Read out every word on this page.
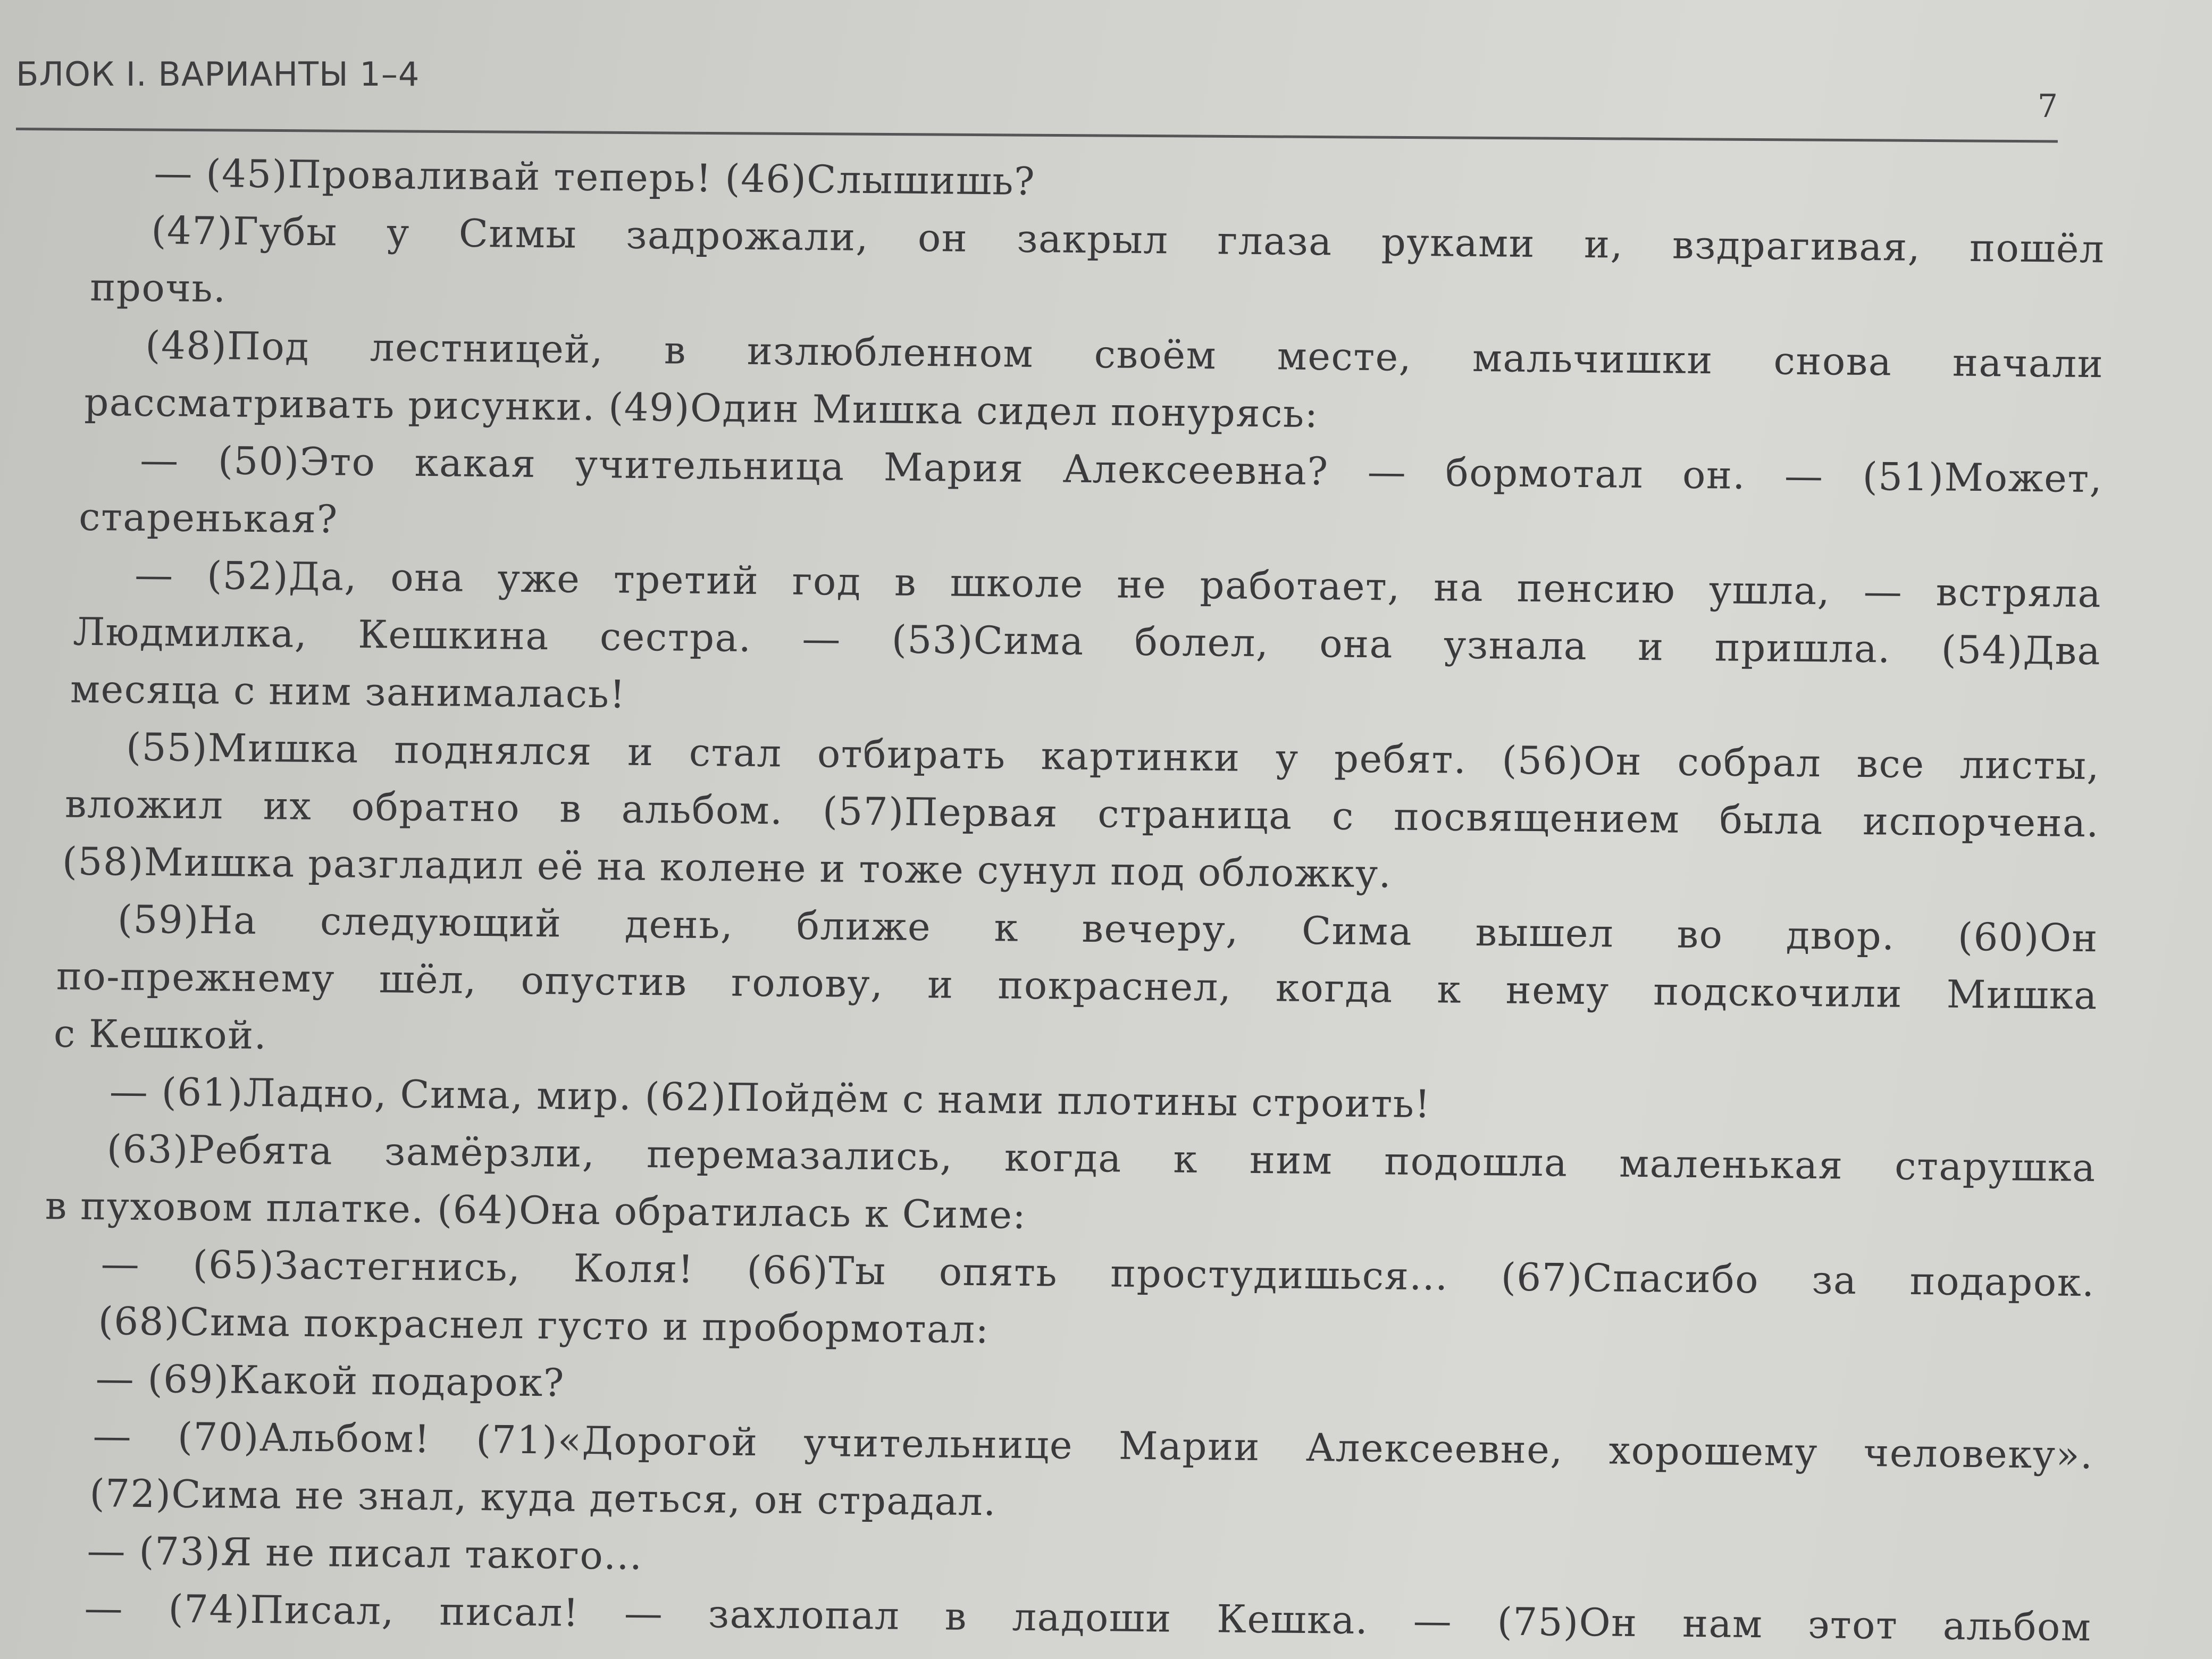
БЛОК I. ВАРИАНТЫ 1–4
7
— (45)Проваливай теперь! (46)Слышишь?
(47)Губы у Симы задрожали, он закрыл глаза руками и, вздрагивая, пошёл
прочь.
(48)Под лестницей, в излюбленном своём месте, мальчишки снова начали
рассматривать рисунки. (49)Один Мишка сидел понурясь:
— (50)Это какая учительница Мария Алексеевна? — бормотал он. — (51)Может,
старенькая?
— (52)Да, она уже третий год в школе не работает, на пенсию ушла, — встряла
Людмилка, Кешкина сестра. — (53)Сима болел, она узнала и пришла. (54)Два
месяца с ним занималась!
(55)Мишка поднялся и стал отбирать картинки у ребят. (56)Он собрал все листы,
вложил их обратно в альбом. (57)Первая страница с посвящением была испорчена.
(58)Мишка разгладил её на колене и тоже сунул под обложку.
(59)На следующий день, ближе к вечеру, Сима вышел во двор. (60)Он
по-прежнему шёл, опустив голову, и покраснел, когда к нему подскочили Мишка
с Кешкой.
— (61)Ладно, Сима, мир. (62)Пойдём с нами плотины строить!
(63)Ребята замёрзли, перемазались, когда к ним подошла маленькая старушка
в пуховом платке. (64)Она обратилась к Симе:
— (65)Застегнись, Коля! (66)Ты опять простудишься... (67)Спасибо за подарок.
(68)Сима покраснел густо и пробормотал:
— (69)Какой подарок?
— (70)Альбом! (71)«Дорогой учительнице Марии Алексеевне, хорошему человеку».
(72)Сима не знал, куда деться, он страдал.
— (73)Я не писал такого...
— (74)Писал, писал! — захлопал в ладоши Кешка. — (75)Он нам этот альбом
